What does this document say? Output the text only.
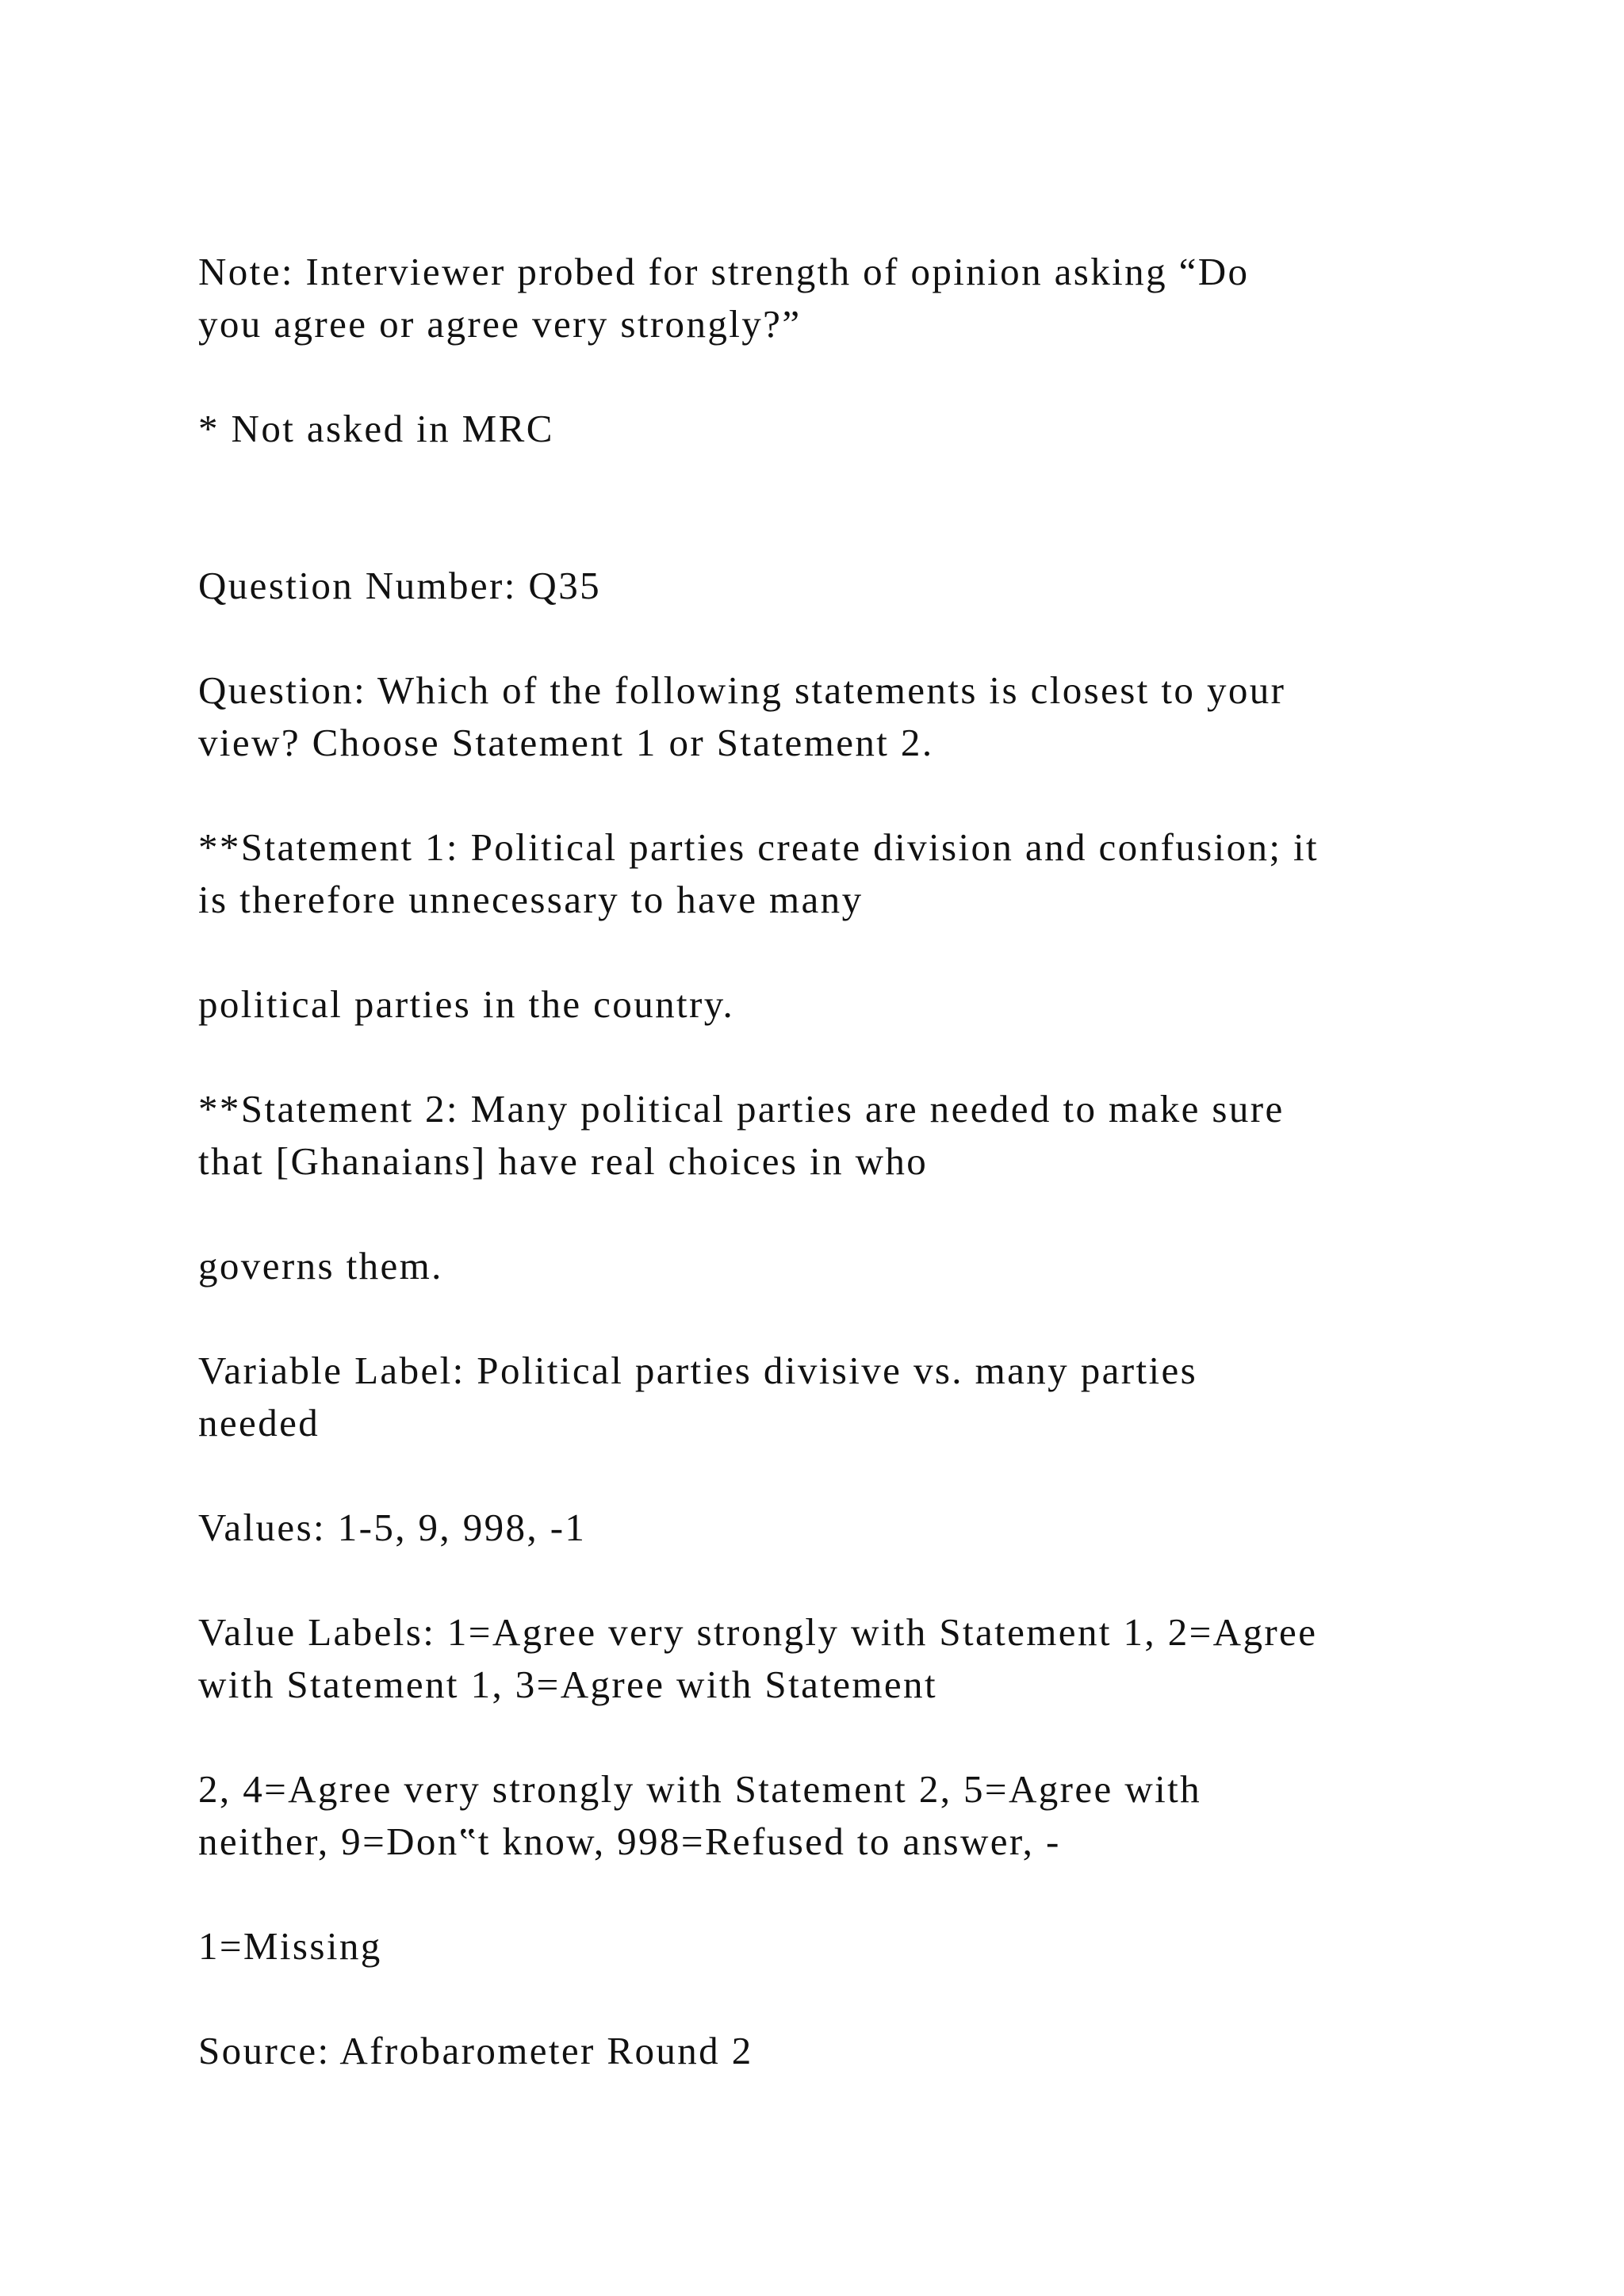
Note: Interviewer probed for strength of opinion asking “Do
you agree or agree very strongly?”

* Not asked in MRC

Question Number: Q35

Question: Which of the following statements is closest to your
view? Choose Statement 1 or Statement 2.

**Statement 1: Political parties create division and confusion; it
is therefore unnecessary to have many

political parties in the country.

**Statement 2: Many political parties are needed to make sure
that [Ghanaians] have real choices in who

governs them.

Variable Label: Political parties divisive vs. many parties
needed

Values: 1-5, 9, 998, -1

Value Labels: 1=Agree very strongly with Statement 1, 2=Agree
with Statement 1, 3=Agree with Statement

2, 4=Agree very strongly with Statement 2, 5=Agree with
neither, 9=Don‟t know, 998=Refused to answer, -

1=Missing

Source: Afrobarometer Round 2
